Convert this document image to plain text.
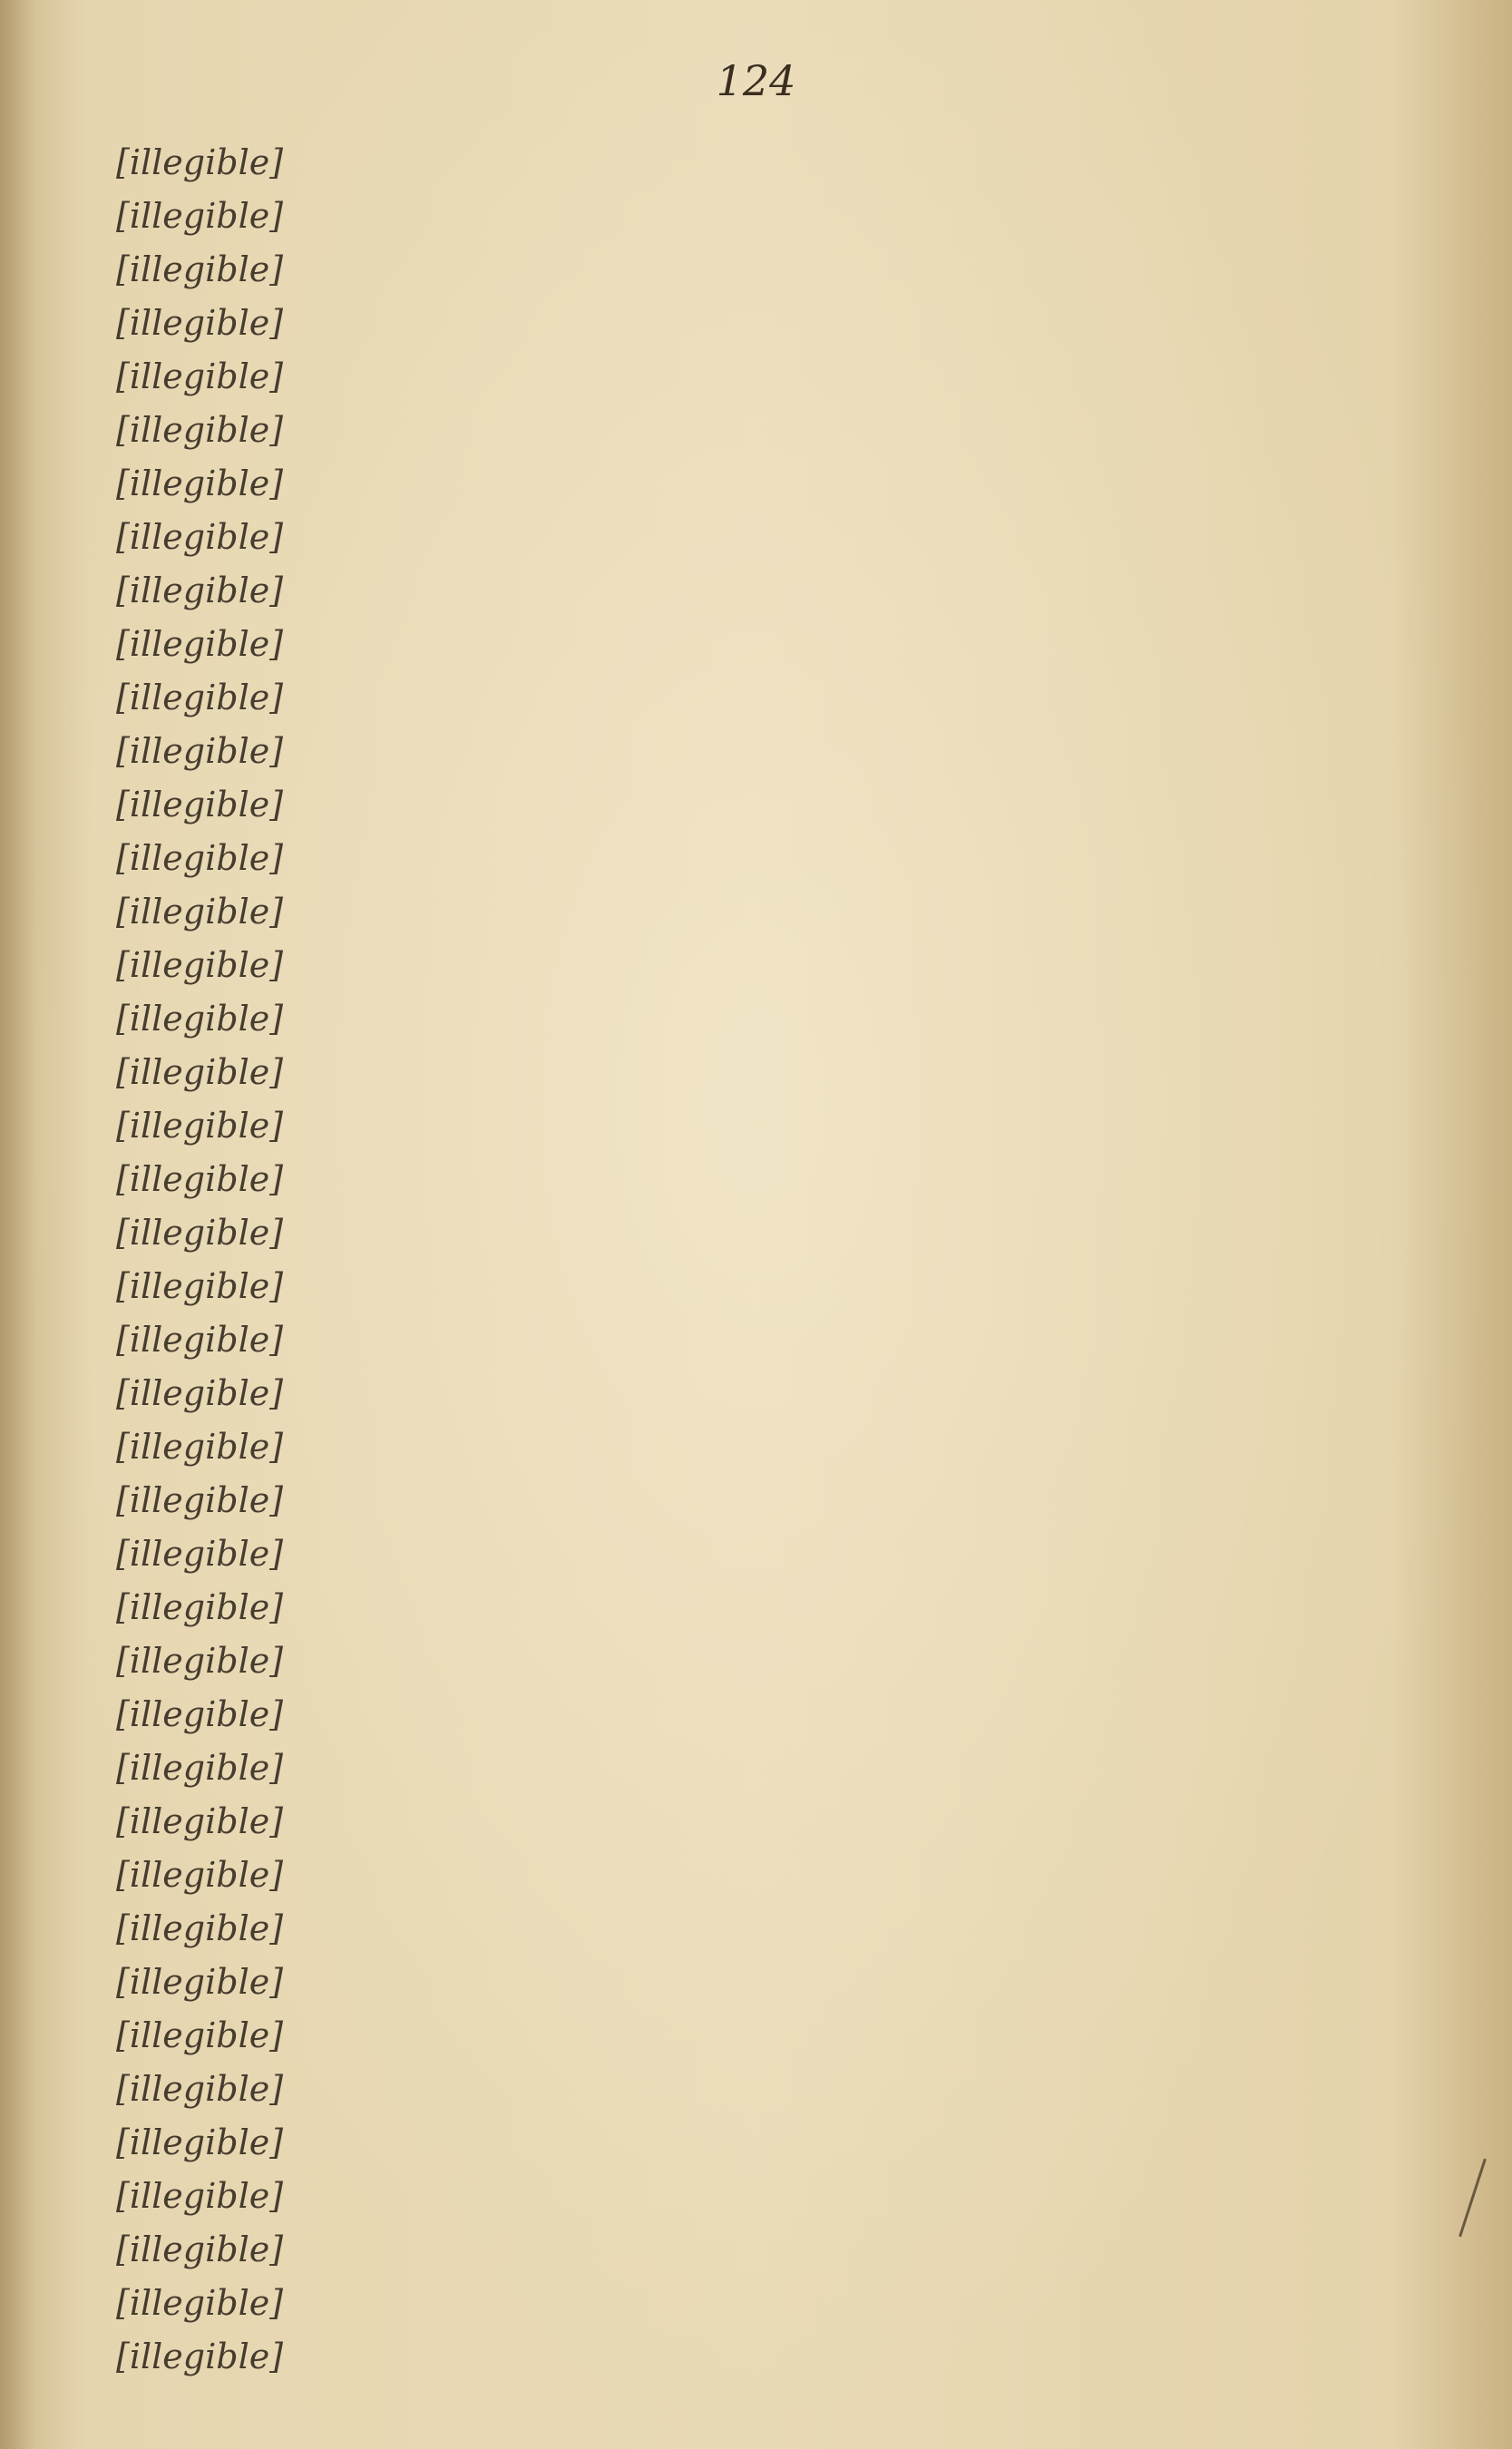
124
[illegible]
[illegible]
[illegible]
[illegible]
[illegible]
[illegible]
[illegible]
[illegible]
[illegible]
[illegible]
[illegible]
[illegible]
[illegible]
[illegible]
[illegible]
[illegible]
[illegible]
[illegible]
[illegible]
[illegible]
[illegible]
[illegible]
[illegible]
[illegible]
[illegible]
[illegible]
[illegible]
[illegible]
[illegible]
[illegible]
[illegible]
[illegible]
[illegible]
[illegible]
[illegible]
[illegible]
[illegible]
[illegible]
[illegible]
[illegible]
[illegible]
[illegible]
